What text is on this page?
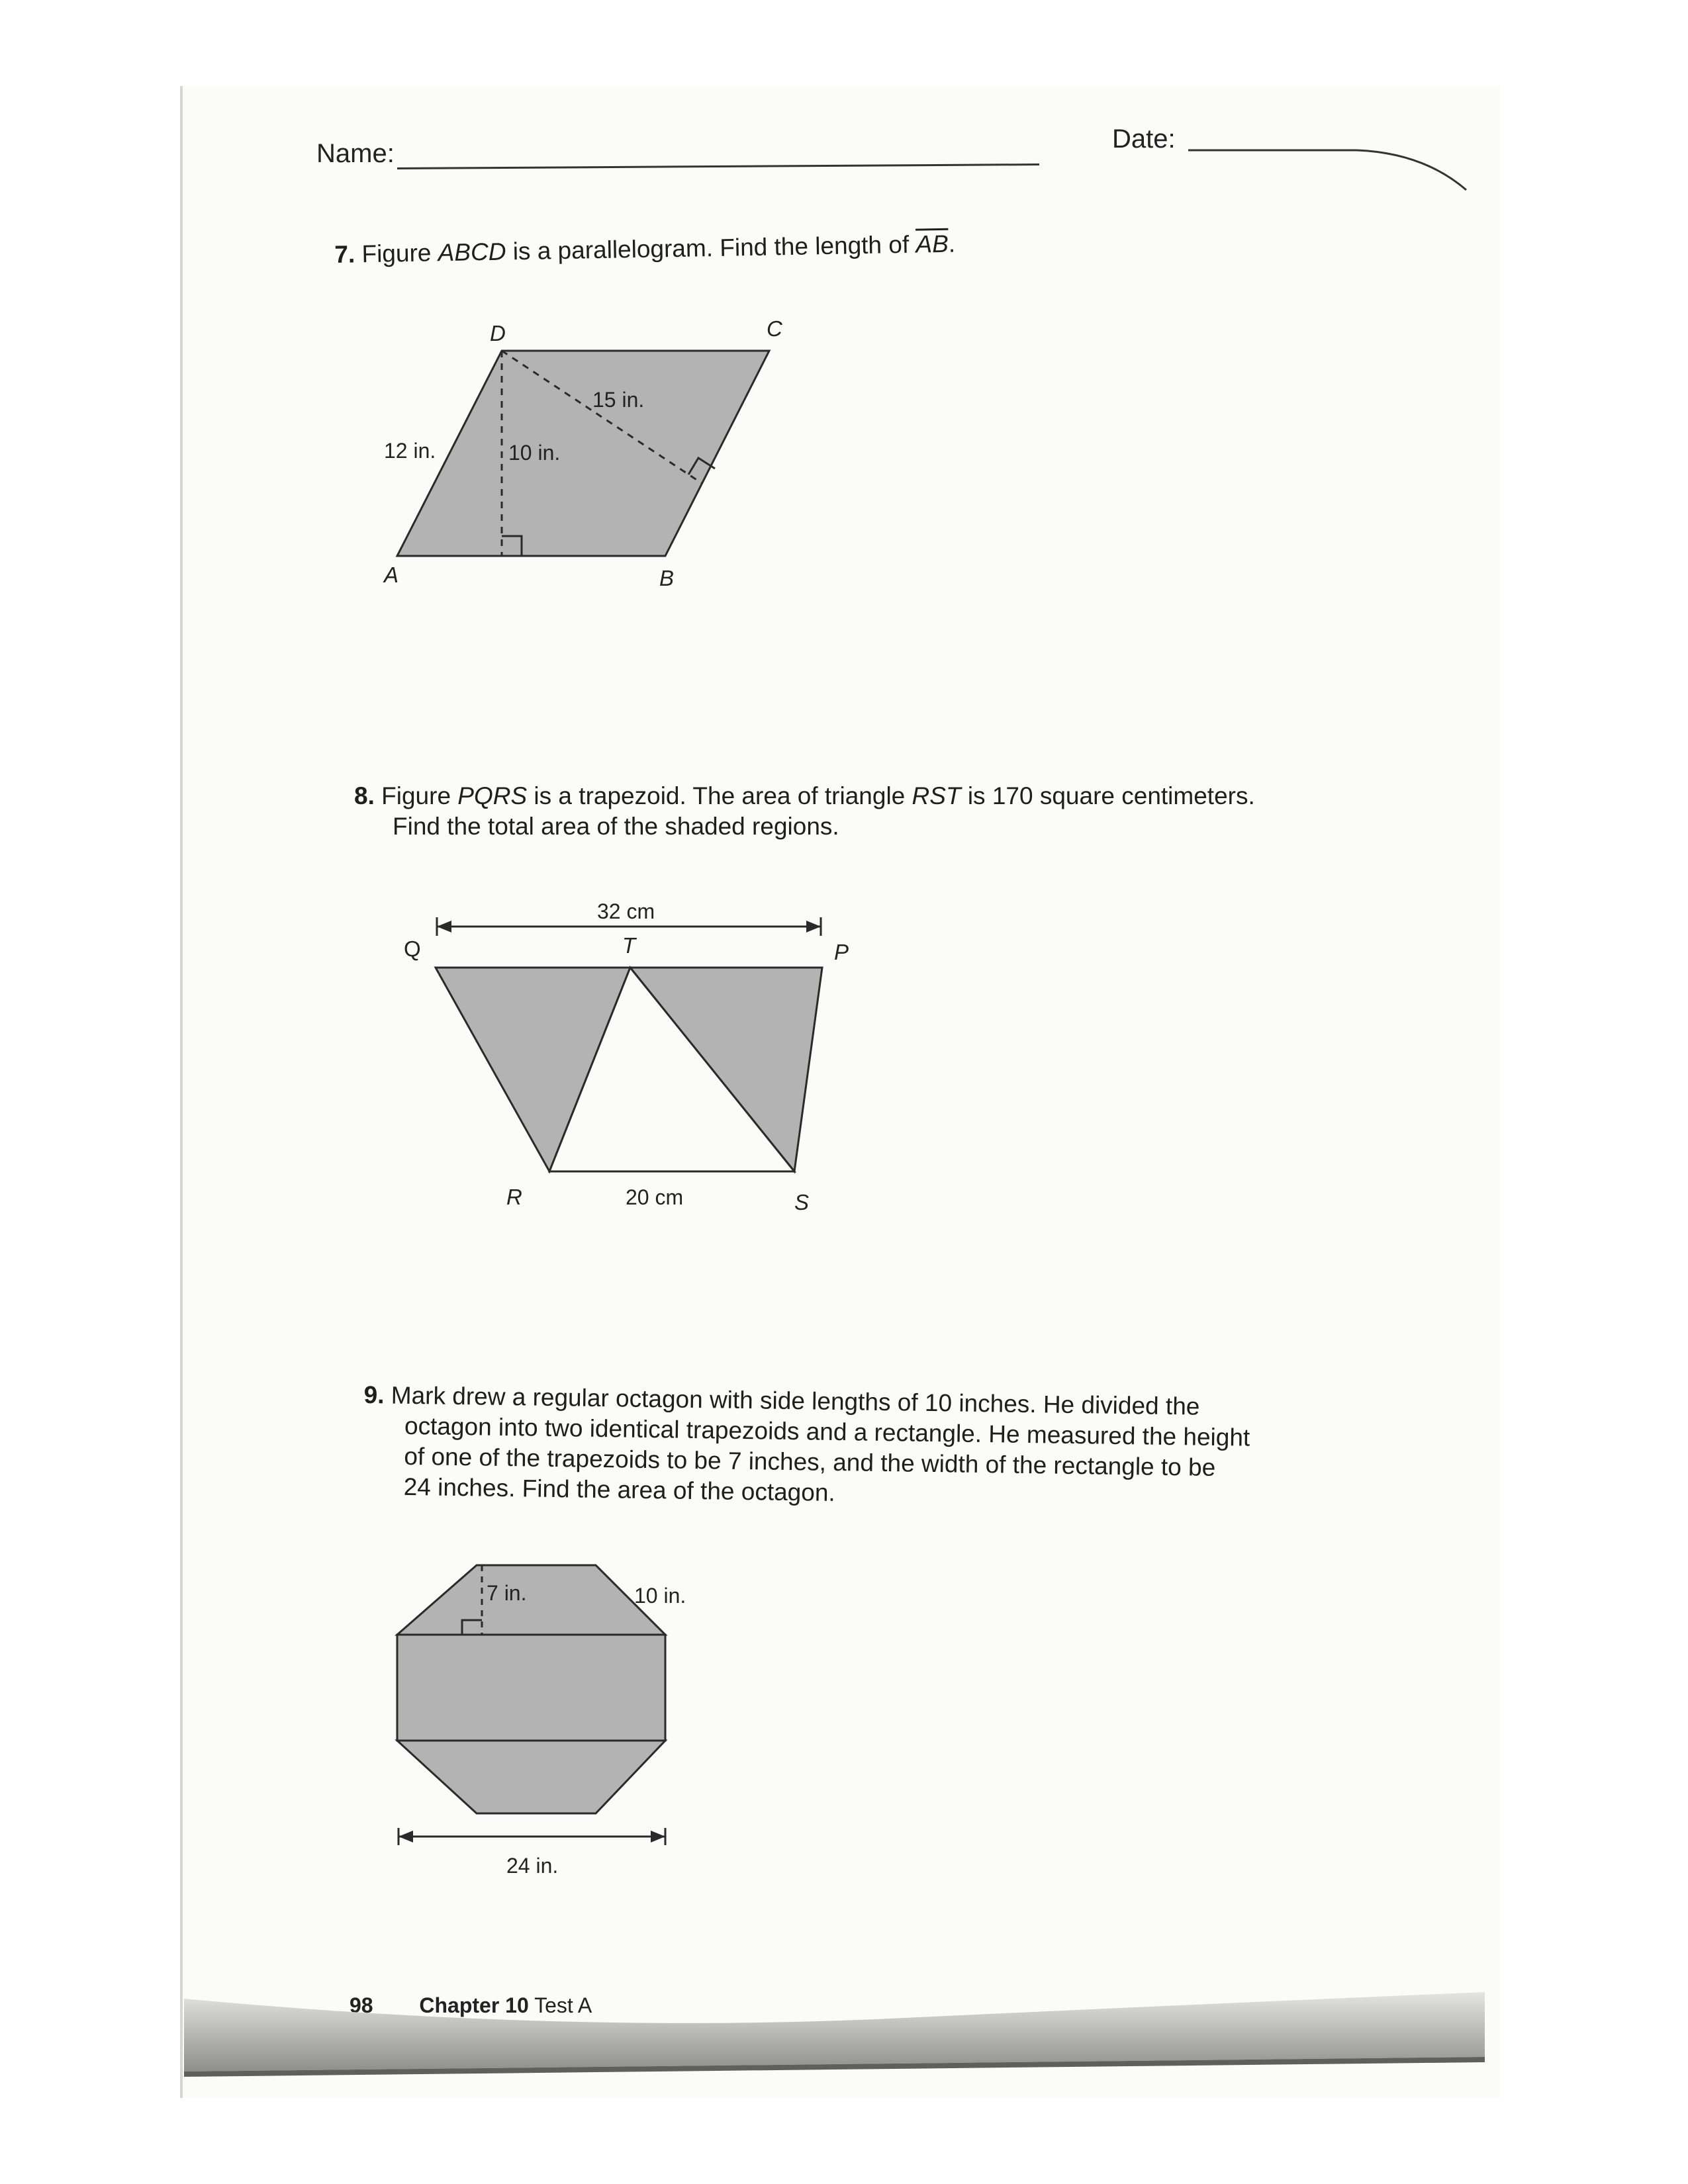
Name:	Date:
7. Figure ABCD is a parallelogram. Find the length of $\overline{AB}$.
D	C
A	B
12 in.	10 in.
15 in.
8. Figure PQRS is a trapezoid. The area of triangle RST is 170 square centimeters.
Find the total area of the shaded regions.
32 cm
Q	T	P
R	20 cm	S
9. Mark drew a regular octagon with side lengths of 10 inches. He divided the
octagon into two identical trapezoids and a rectangle. He measured the height
of one of the trapezoids to be 7 inches, and the width of the rectangle to be
24 inches. Find the area of the octagon.
7 in.	10 in.
24 in.
98 Chapter 10 Test A
